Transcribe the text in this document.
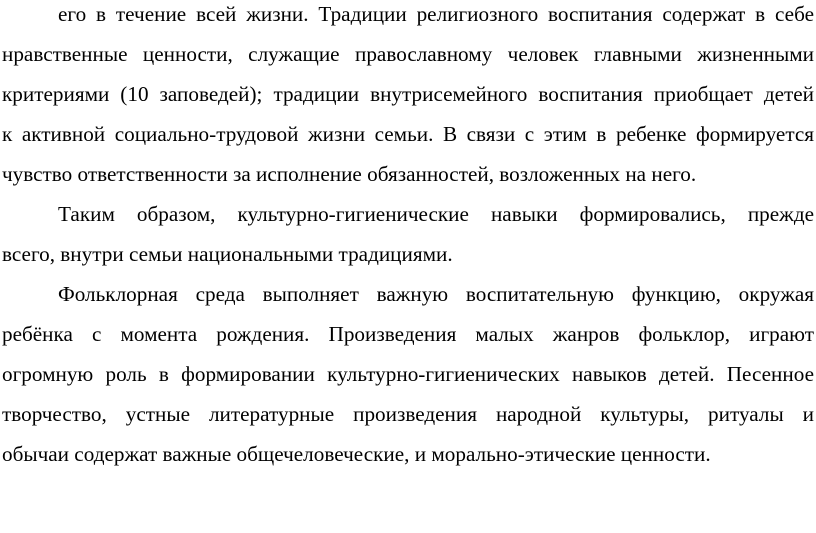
его в течение всей жизни. Традиции религиозного воспитания содержат в себе
нравственные ценности, служащие православному человек главными жизненными
критериями (10 заповедей); традиции внутрисемейного воспитания приобщает детей
к активной социально-трудовой жизни семьи. В связи с этим в ребенке формируется
чувство ответственности за исполнение обязанностей, возложенных на него.
Таким образом, культурно-гигиенические навыки формировались, прежде
всего, внутри семьи национальными традициями.
Фольклорная среда выполняет важную воспитательную функцию, окружая
ребёнка с момента рождения. Произведения малых жанров фольклор, играют
огромную роль в формировании культурно-гигиенических навыков детей. Песенное
творчество, устные литературные произведения народной культуры, ритуалы и
обычаи содержат важные общечеловеческие, и морально-этические ценности.
